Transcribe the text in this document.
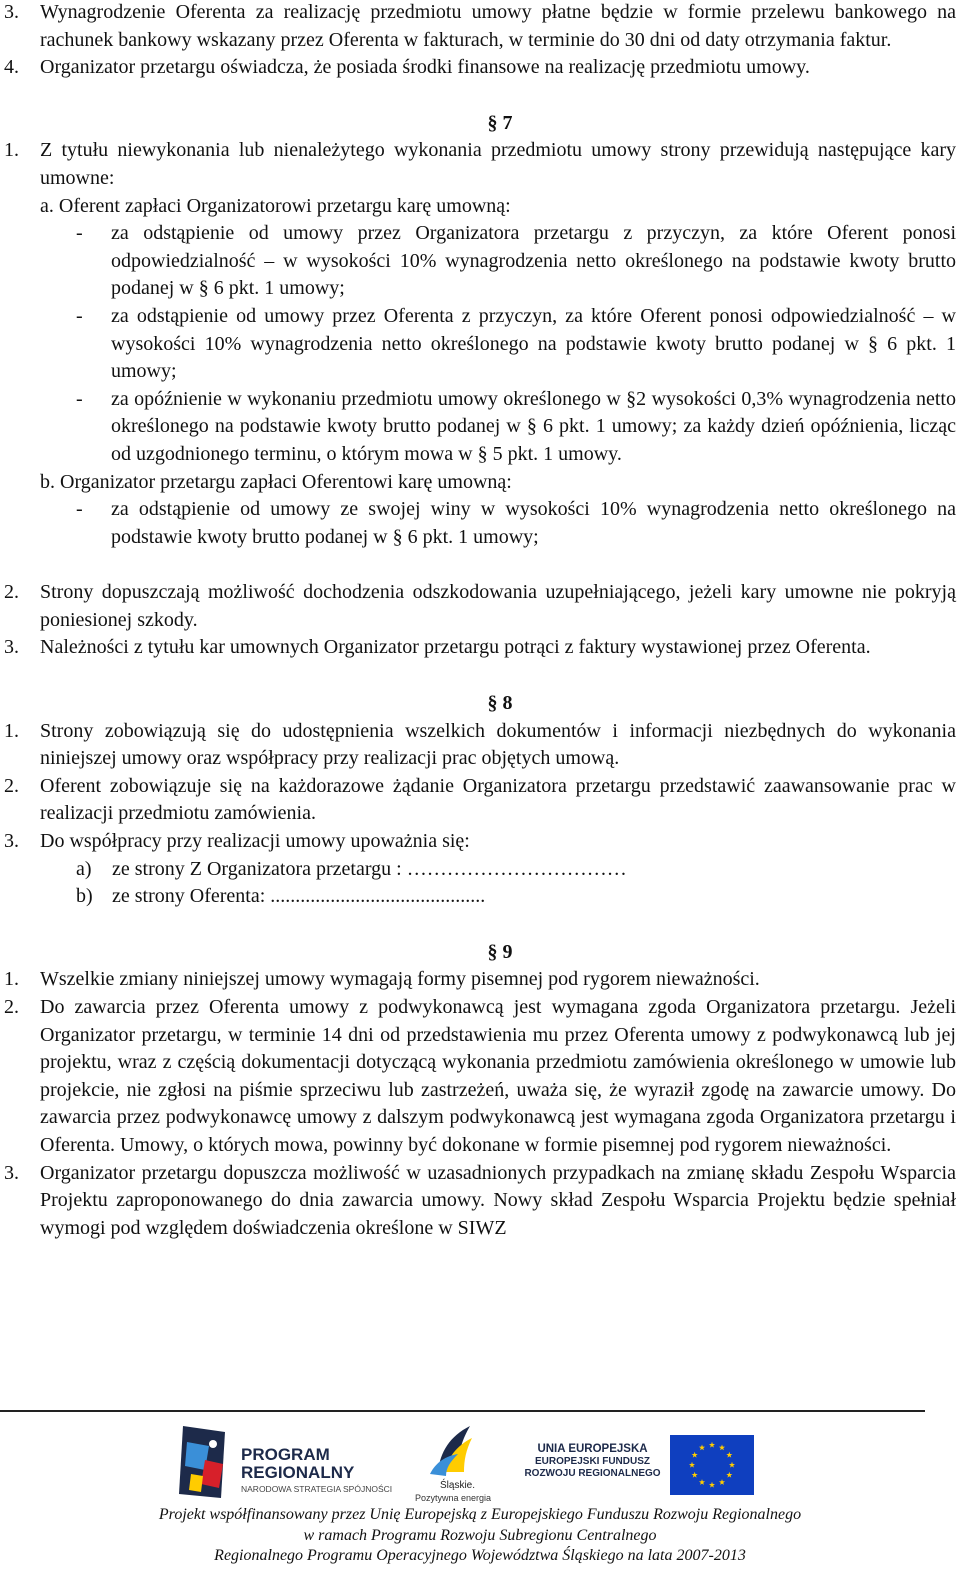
3.	Wynagrodzenie Oferenta za realizację przedmiotu umowy płatne będzie w formie przelewu bankowego na rachunek bankowy wskazany przez Oferenta w fakturach, w terminie do 30 dni od daty otrzymania faktur.
4.	Organizator przetargu oświadcza, że posiada środki finansowe na realizację przedmiotu umowy.
§ 7
1.	Z tytułu niewykonania lub nienależytego wykonania przedmiotu umowy strony przewidują następujące kary umowne:
a. Oferent zapłaci Organizatorowi przetargu karę umowną:
-	za odstąpienie od umowy przez Organizatora przetargu z przyczyn, za które Oferent ponosi odpowiedzialność – w wysokości 10% wynagrodzenia netto określonego na podstawie kwoty brutto podanej w § 6 pkt. 1 umowy;
-	za odstąpienie od umowy przez Oferenta z przyczyn, za które Oferent ponosi odpowiedzialność – w wysokości 10% wynagrodzenia netto określonego na podstawie kwoty brutto podanej w § 6 pkt. 1 umowy;
-	za opóźnienie w wykonaniu przedmiotu umowy określonego w §2 wysokości 0,3% wynagrodzenia netto określonego na podstawie kwoty brutto podanej w § 6 pkt. 1 umowy; za każdy dzień opóźnienia, licząc od uzgodnionego terminu, o którym mowa w § 5 pkt. 1 umowy.
b. Organizator przetargu zapłaci Oferentowi karę umowną:
-	za odstąpienie od umowy ze swojej winy w wysokości 10% wynagrodzenia netto określonego na podstawie kwoty brutto podanej w § 6 pkt. 1 umowy;
2.	Strony dopuszczają możliwość dochodzenia odszkodowania uzupełniającego, jeżeli kary umowne nie pokryją poniesionej szkody.
3.	Należności z tytułu kar umownych Organizator przetargu potrąci z faktury wystawionej przez Oferenta.
§ 8
1.	Strony zobowiązują się do udostępnienia wszelkich dokumentów i informacji niezbędnych do wykonania niniejszej umowy oraz współpracy przy realizacji prac objętych umową.
2.	Oferent zobowiązuje się na każdorazowe żądanie Organizatora przetargu przedstawić zaawansowanie prac w realizacji przedmiotu zamówienia.
3.	Do współpracy przy realizacji umowy upoważnia się:
a)	ze strony Z Organizatora przetargu : ……………………………
b) ze strony Oferenta: ...........................................
§ 9
1.	Wszelkie zmiany niniejszej umowy wymagają formy pisemnej pod rygorem nieważności.
2.	Do zawarcia przez Oferenta umowy z podwykonawcą jest wymagana zgoda Organizatora przetargu. Jeżeli Organizator przetargu, w terminie 14 dni od przedstawienia mu przez Oferenta umowy z podwykonawcą lub jej projektu, wraz z częścią dokumentacji dotyczącą wykonania przedmiotu zamówienia określonego w umowie lub projekcie, nie zgłosi na piśmie sprzeciwu lub zastrzeżeń, uważa się, że wyraził zgodę na zawarcie umowy. Do zawarcia przez podwykonawcę umowy z dalszym podwykonawcą jest wymagana zgoda Organizatora przetargu i Oferenta. Umowy, o których mowa, powinny być dokonane w formie pisemnej pod rygorem nieważności.
3.	Organizator przetargu dopuszcza możliwość w uzasadnionych przypadkach na zmianę składu Zespołu Wsparcia Projektu zaproponowanego do dnia zawarcia umowy. Nowy skład Zespołu Wsparcia Projektu będzie spełniał wymogi pod względem doświadczenia określone w SIWZ
PROGRAM
REGIONALNY
NARODOWA STRATEGIA SPÓJNOŚCI	Śląskie.
Pozytywna energia
UNIA EUROPEJSKA
EUROPEJSKI FUNDUSZ
ROZWOJU REGIONALNEGO
Projekt współfinansowany przez Unię Europejską z Europejskiego Funduszu Rozwoju Regionalnego
w ramach Programu Rozwoju Subregionu Centralnego
Regionalnego Programu Operacyjnego Województwa Śląskiego na lata 2007-2013
